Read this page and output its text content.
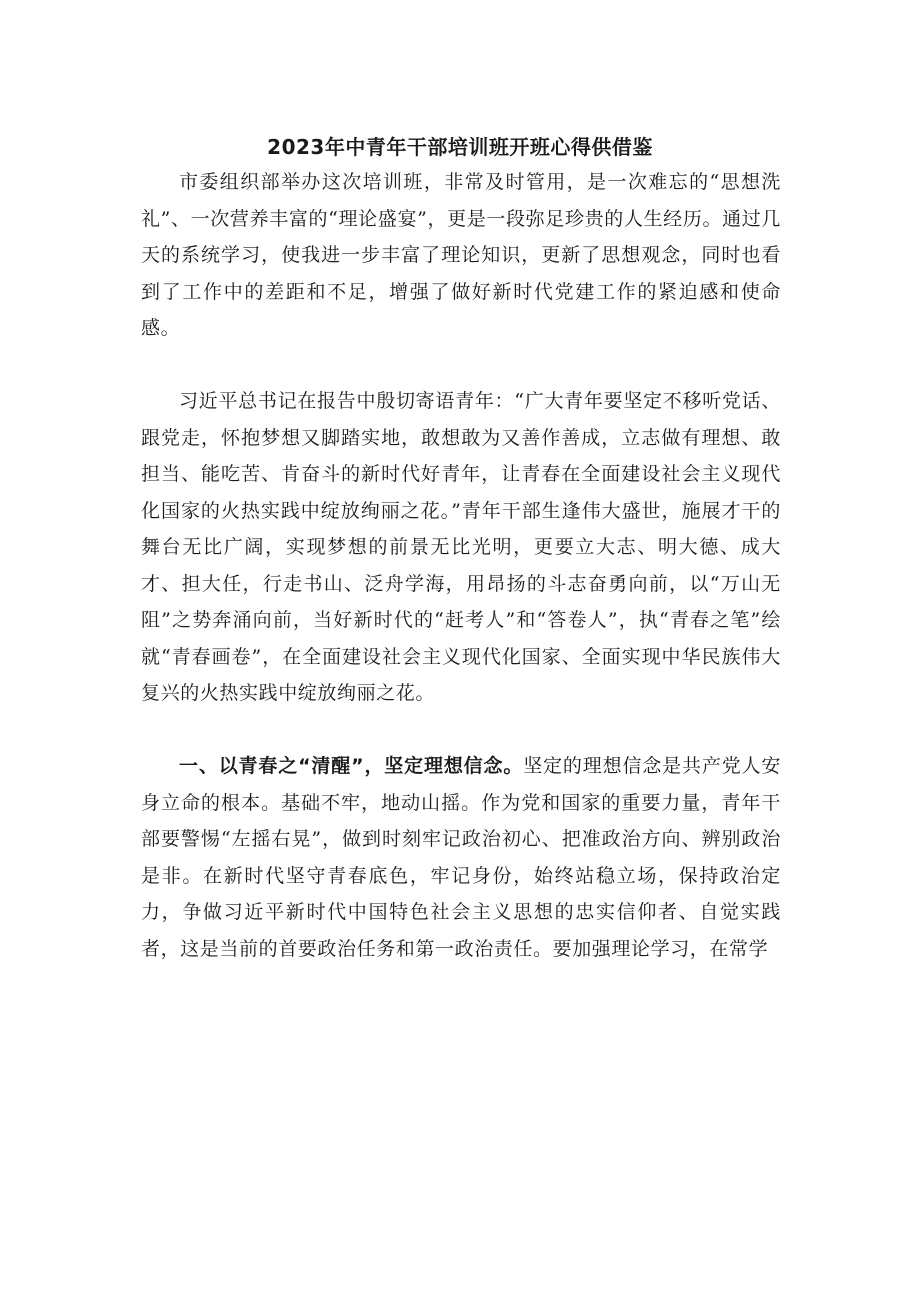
2023年中青年干部培训班开班心得供借鉴

市委组织部举办这次培训班，非常及时管用，是一次难忘的“思想洗礼”、一次营养丰富的“理论盛宴”，更是一段弥足珍贵的人生经历。通过几天的系统学习，使我进一步丰富了理论知识，更新了思想观念，同时也看到了工作中的差距和不足，增强了做好新时代党建工作的紧迫感和使命感。

习近平总书记在报告中殷切寄语青年：“广大青年要坚定不移听党话、跟党走，怀抱梦想又脚踏实地，敢想敢为又善作善成，立志做有理想、敢担当、能吃苦、肯奋斗的新时代好青年，让青春在全面建设社会主义现代化国家的火热实践中绽放绚丽之花。”青年干部生逢伟大盛世，施展才干的舞台无比广阔，实现梦想的前景无比光明，更要立大志、明大德、成大才、担大任，行走书山、泛舟学海，用昂扬的斗志奋勇向前，以“万山无阻”之势奔涌向前，当好新时代的“赶考人”和“答卷人”，执“青春之笔”绘就“青春画卷”，在全面建设社会主义现代化国家、全面实现中华民族伟大复兴的火热实践中绽放绚丽之花。

一、以青春之“清醒”，坚定理想信念。坚定的理想信念是共产党人安身立命的根本。基础不牢，地动山摇。作为党和国家的重要力量，青年干部要警惕“左摇右晃”，做到时刻牢记政治初心、把准政治方向、辨别政治是非。在新时代坚守青春底色，牢记身份，始终站稳立场，保持政治定力，争做习近平新时代中国特色社会主义思想的忠实信仰者、自觉实践者，这是当前的首要政治任务和第一政治责任。要加强理论学习，在常学
